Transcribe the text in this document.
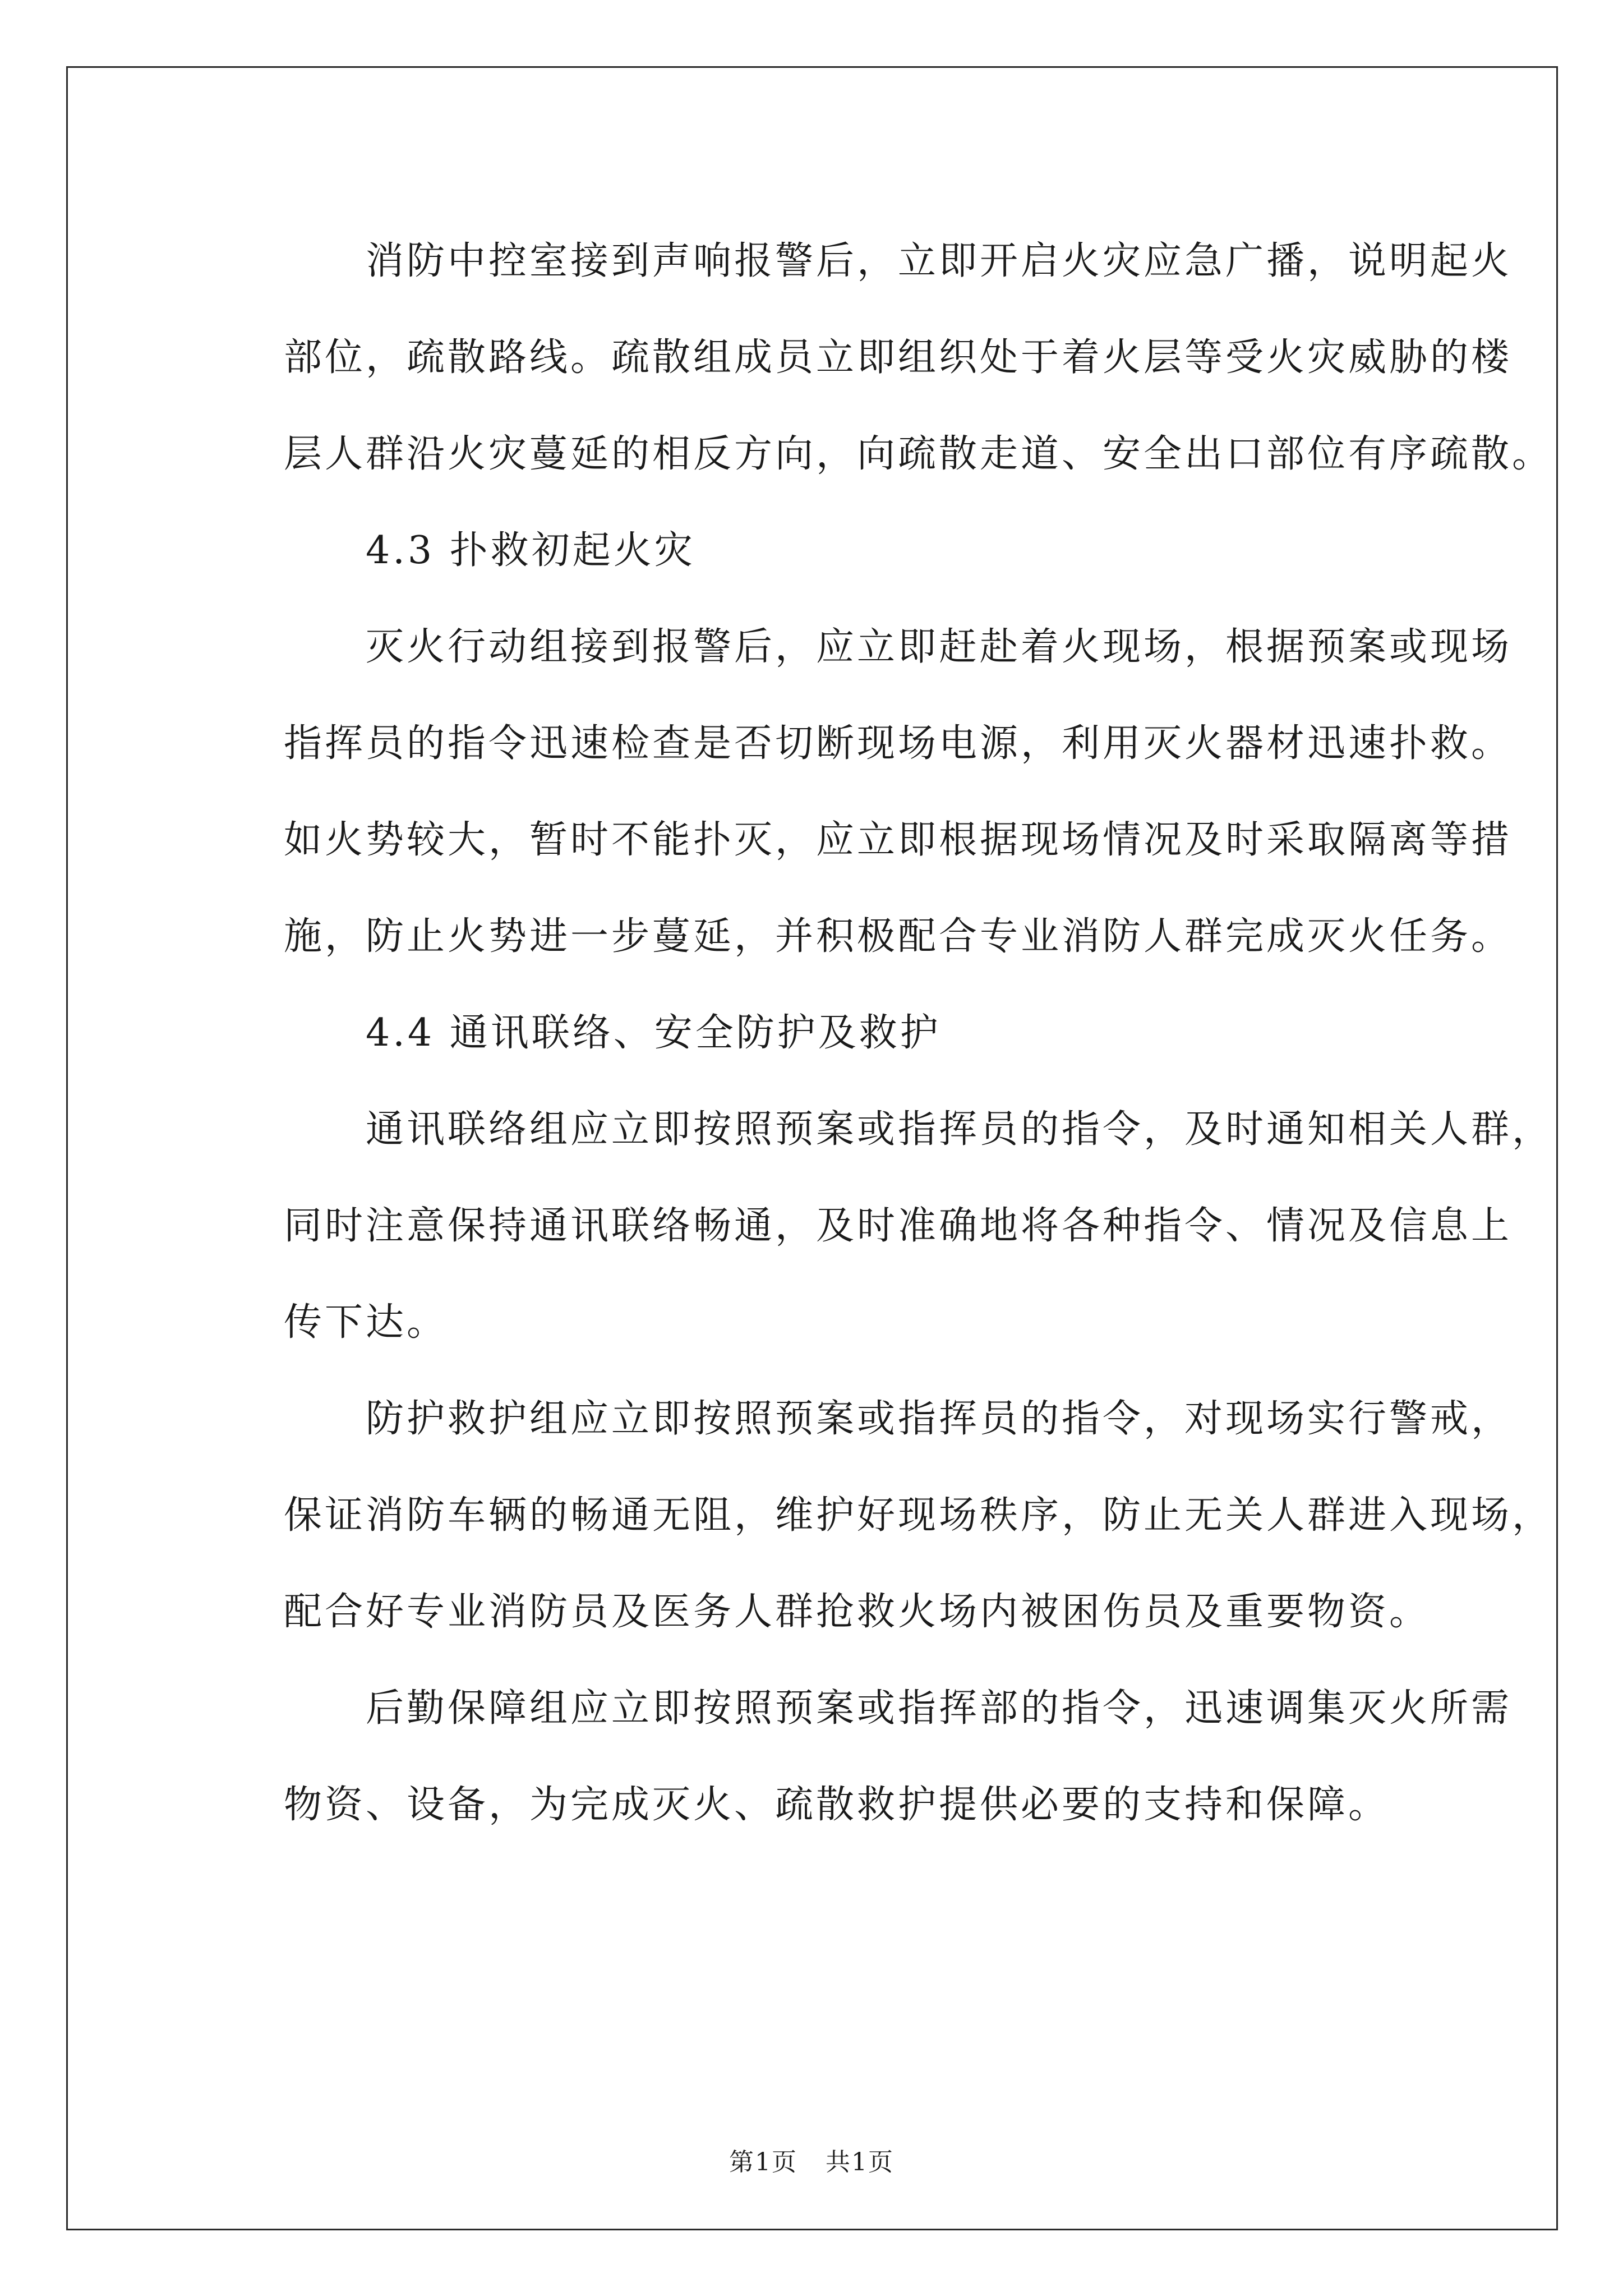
消防中控室接到声响报警后，立即开启火灾应急广播，说明起火
部位，疏散路线。疏散组成员立即组织处于着火层等受火灾威胁的楼
层人群沿火灾蔓延的相反方向，向疏散走道、安全出口部位有序疏散。
4.3 扑救初起火灾
灭火行动组接到报警后，应立即赶赴着火现场，根据预案或现场
指挥员的指令迅速检查是否切断现场电源，利用灭火器材迅速扑救。
如火势较大，暂时不能扑灭，应立即根据现场情况及时采取隔离等措
施，防止火势进一步蔓延，并积极配合专业消防人群完成灭火任务。
4.4 通讯联络、安全防护及救护
通讯联络组应立即按照预案或指挥员的指令，及时通知相关人群，
同时注意保持通讯联络畅通，及时准确地将各种指令、情况及信息上
传下达。
防护救护组应立即按照预案或指挥员的指令，对现场实行警戒，
保证消防车辆的畅通无阻，维护好现场秩序，防止无关人群进入现场，
配合好专业消防员及医务人群抢救火场内被困伤员及重要物资。
后勤保障组应立即按照预案或指挥部的指令，迅速调集灭火所需
物资、设备，为完成灭火、疏散救护提供必要的支持和保障。
第1页 共1页
